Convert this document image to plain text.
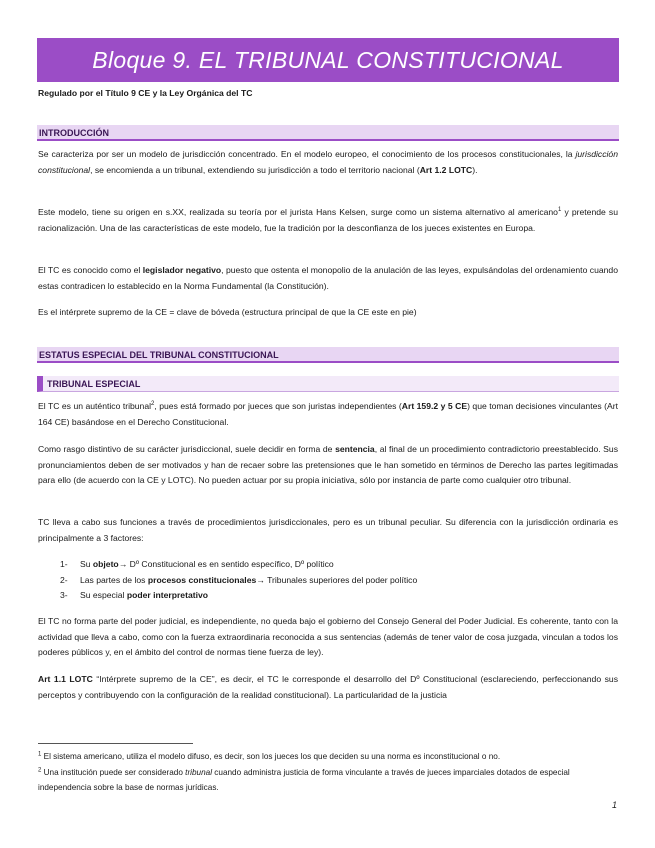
Bloque 9. EL TRIBUNAL CONSTITUCIONAL
Regulado por el Título 9 CE y la Ley Orgánica del TC
INTRODUCCIÓN

Se caracteriza por ser un modelo de jurisdicción concentrado. En el modelo europeo, el conocimiento de los procesos constitucionales, la jurisdicción constitucional, se encomienda a un tribunal, extendiendo su jurisdicción a todo el territorio nacional (Art 1.2 LOTC).

Este modelo, tiene su origen en s.XX, realizada su teoría por el jurista Hans Kelsen, surge como un sistema alternativo al americano$^1$ y pretende su racionalización. Una de las características de este modelo, fue la tradición por la desconfianza de los jueces existentes en Europa.

El TC es conocido como el legislador negativo, puesto que ostenta el monopolio de la anulación de las leyes, expulsándolas del ordenamiento cuando estas contradicen lo establecido en la Norma Fundamental (la Constitución).

Es el intérprete supremo de la CE = clave de bóveda (estructura principal de que la CE este en pie)

ESTATUS ESPECIAL DEL TRIBUNAL CONSTITUCIONAL
TRIBUNAL ESPECIAL

El TC es un auténtico tribunal$^2$, pues está formado por jueces que son juristas independientes (Art 159.2 y 5 CE) que toman decisiones vinculantes (Art 164 CE) basándose en el Derecho Constitucional.

Como rasgo distintivo de su carácter jurisdiccional, suele decidir en forma de sentencia, al final de un procedimiento contradictorio preestablecido. Sus pronunciamientos deben de ser motivados y han de recaer sobre las pretensiones que le han sometido en términos de Derecho las partes legitimadas para ello (de acuerdo con la CE y LOTC). No pueden actuar por su propia iniciativa, sólo por instancia de parte como cualquier otro tribunal.

TC lleva a cabo sus funciones a través de procedimientos jurisdiccionales, pero es un tribunal peculiar. Su diferencia con la jurisdicción ordinaria es principalmente a 3 factores:

1-	Su objeto→ Dº Constitucional es en sentido específico, Dº político
2-	Las partes de los procesos constitucionales→ Tribunales superiores del poder político
3-	Su especial poder interpretativo

El TC no forma parte del poder judicial, es independiente, no queda bajo el gobierno del Consejo General del Poder Judicial. Es coherente, tanto con la actividad que lleva a cabo, como con la fuerza extraordinaria reconocida a sus sentencias (además de tener valor de cosa juzgada, vinculan a todos los poderes públicos y, en el ámbito del control de normas tiene fuerza de ley).

Art 1.1 LOTC “Intérprete supremo de la CE”, es decir, el TC le corresponde el desarrollo del Dº Constitucional (esclareciendo, perfeccionando sus perceptos y contribuyendo con la configuración de la realidad constitucional). La particularidad de la justicia

$^1$ El sistema americano, utiliza el modelo difuso, es decir, son los jueces los que deciden su una norma es inconstitucional o no.

$^2$ Una institución puede ser considerado tribunal cuando administra justicia de forma vinculante a través de jueces imparciales dotados de especial independencia sobre la base de normas jurídicas.

1
